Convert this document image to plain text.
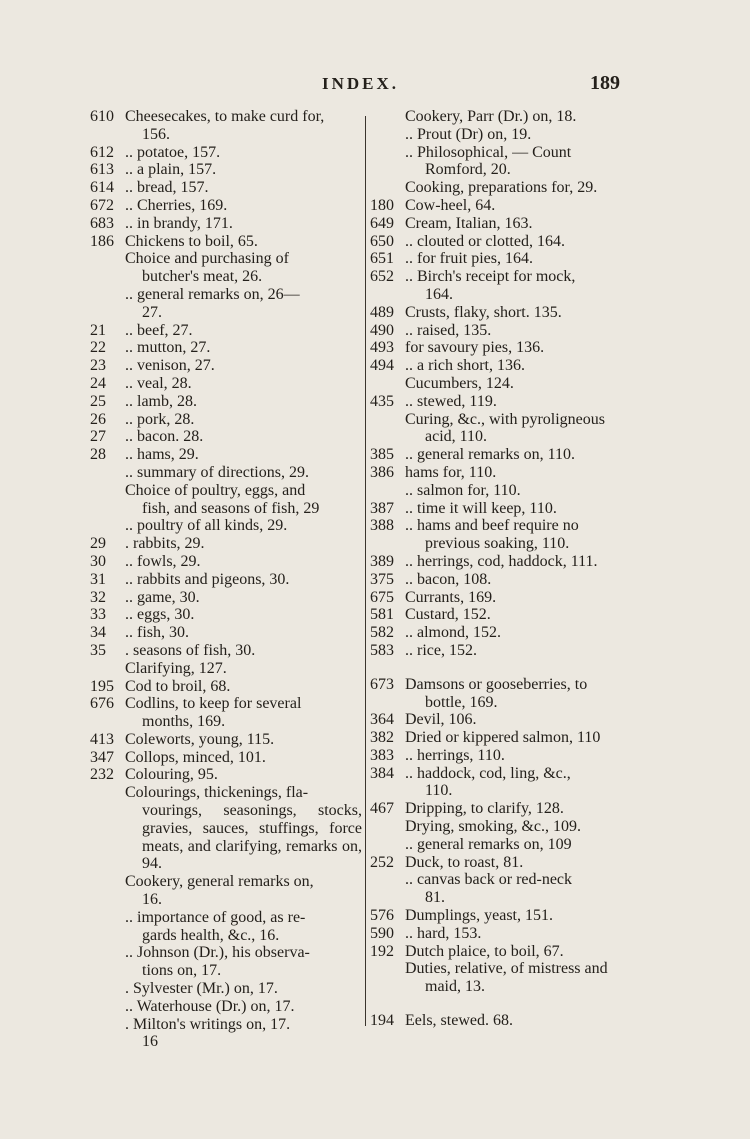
INDEX.	189
610 Cheesecakes, to make curd for,
156.
612 .. potatoe, 157.
613 .. a plain, 157.
614 .. bread, 157.
672 .. Cherries, 169.
683 .. in brandy, 171.
186 Chickens to boil, 65.
Choice and purchasing of
butcher's meat, 26.
.. general remarks on, 26—
27.
21 .. beef, 27.
22 .. mutton, 27.
23 .. venison, 27.
24 .. veal, 28.
25 .. lamb, 28.
26 .. pork, 28.
27 .. bacon. 28.
28 .. hams, 29.
.. summary of directions, 29.
Choice of poultry, eggs, and
fish, and seasons of fish, 29
.. poultry of all kinds, 29.
29 . rabbits, 29.
30 .. fowls, 29.
31 .. rabbits and pigeons, 30.
32 .. game, 30.
33 .. eggs, 30.
34 .. fish, 30.
35 . seasons of fish, 30.
Clarifying, 127.
195 Cod to broil, 68.
676 Codlins, to keep for several
months, 169.
413 Coleworts, young, 115.
347 Collops, minced, 101.
232 Colouring, 95.
Colourings, thickenings, fla-
vourings, seasonings, stocks, gravies, sauces, stuffings, force meats, and clarifying, remarks on, 94.
Cookery, general remarks on,
16.
.. importance of good, as re-
gards health, &c., 16.
.. Johnson (Dr.), his observa-
tions on, 17.
. Sylvester (Mr.) on, 17.
.. Waterhouse (Dr.) on, 17.
. Milton's writings on, 17.
16
Cookery, Parr (Dr.) on, 18.
.. Prout (Dr) on, 19.
.. Philosophical, — Count
Romford, 20.
Cooking, preparations for, 29.
180 Cow-heel, 64.
649 Cream, Italian, 163.
650 .. clouted or clotted, 164.
651 .. for fruit pies, 164.
652 .. Birch's receipt for mock,
164.
489 Crusts, flaky, short. 135.
490 .. raised, 135.
493 for savoury pies, 136.
494 .. a rich short, 136.
Cucumbers, 124.
435 .. stewed, 119.
Curing, &c., with pyroligneous
acid, 110.
385 .. general remarks on, 110.
386 hams for, 110.
.. salmon for, 110.
387 .. time it will keep, 110.
388 .. hams and beef require no
previous soaking, 110.
389 .. herrings, cod, haddock, 111.
375 .. bacon, 108.
675 Currants, 169.
581 Custard, 152.
582 .. almond, 152.
583 .. rice, 152.
673 Damsons or gooseberries, to
bottle, 169.
364 Devil, 106.
382 Dried or kippered salmon, 110
383 .. herrings, 110.
384 .. haddock, cod, ling, &c.,
110.
467 Dripping, to clarify, 128.
Drying, smoking, &c., 109.
.. general remarks on, 109
252 Duck, to roast, 81.
.. canvas back or red-neck
81.
576 Dumplings, yeast, 151.
590 .. hard, 153.
192 Dutch plaice, to boil, 67.
Duties, relative, of mistress and
maid, 13.
194 Eels, stewed. 68.
